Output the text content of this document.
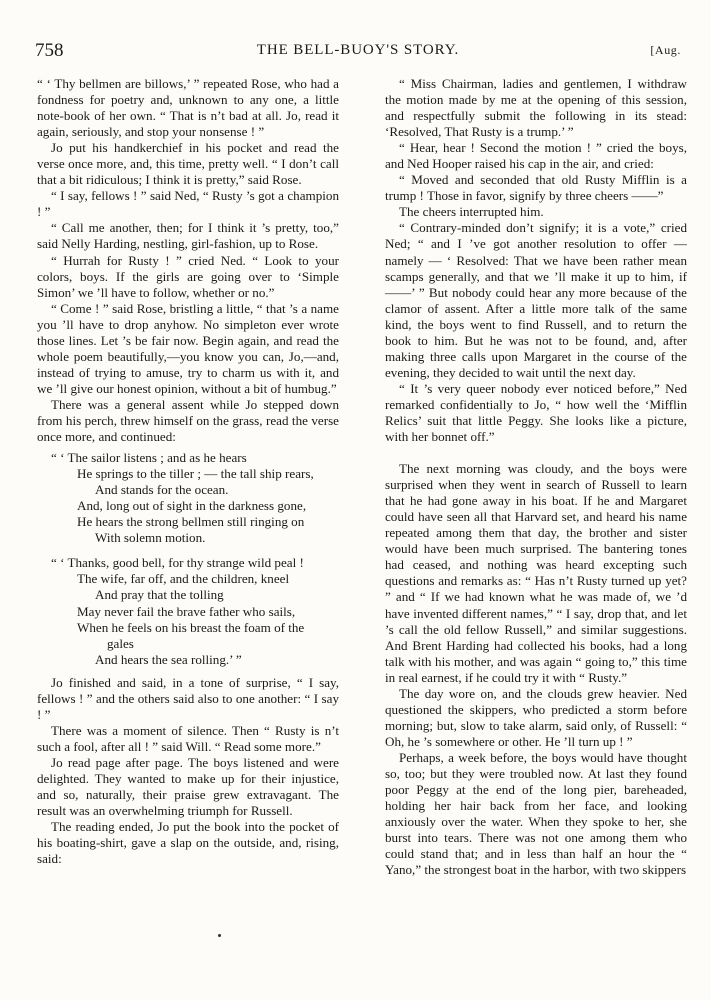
758	THE BELL-BUOY'S STORY.	[Aug.

“ ‘ Thy bellmen are billows,’ ” repeated Rose, who had a fondness for poetry and, unknown to any one, a little note-book of her own. “ That is n’t bad at all. Jo, read it again, seriously, and stop your nonsense ! ”

Jo put his handkerchief in his pocket and read the verse once more, and, this time, pretty well. “ I don’t call that a bit ridiculous; I think it is pretty,” said Rose.

“ I say, fellows ! ” said Ned, “ Rusty ’s got a champion ! ”

“ Call me another, then; for I think it ’s pretty, too,” said Nelly Harding, nestling, girl-fashion, up to Rose.

“ Hurrah for Rusty ! ” cried Ned. “ Look to your colors, boys. If the girls are going over to ‘Simple Simon’ we ’ll have to follow, whether or no.”

“ Come ! ” said Rose, bristling a little, “ that ’s a name you ’ll have to drop anyhow. No simpleton ever wrote those lines. Let ’s be fair now. Begin again, and read the whole poem beautifully,—you know you can, Jo,—and, instead of trying to amuse, try to charm us with it, and we ’ll give our honest opinion, without a bit of humbug.”

There was a general assent while Jo stepped down from his perch, threw himself on the grass, read the verse once more, and continued:

“ ‘ The sailor listens ; and as he hears
He springs to the tiller ; — the tall ship rears,
And stands for the ocean.
And, long out of sight in the darkness gone,
He hears the strong bellmen still ringing on
With solemn motion.
“ ‘ Thanks, good bell, for thy strange wild peal !
The wife, far off, and the children, kneel
And pray that the tolling
May never fail the brave father who sails,
When he feels on his breast the foam of the
gales
And hears the sea rolling.’ ”

Jo finished and said, in a tone of surprise, “ I say, fellows ! ” and the others said also to one another: “ I say ! ”

There was a moment of silence. Then “ Rusty is n’t such a fool, after all ! ” said Will. “ Read some more.”

Jo read page after page. The boys listened and were delighted. They wanted to make up for their injustice, and so, naturally, their praise grew extravagant. The result was an overwhelming triumph for Russell.

The reading ended, Jo put the book into the pocket of his boating-shirt, gave a slap on the outside, and, rising, said:

“ Miss Chairman, ladies and gentlemen, I withdraw the motion made by me at the opening of this session, and respectfully submit the following in its stead: ‘Resolved, That Rusty is a trump.’ ”

“ Hear, hear ! Second the motion ! ” cried the boys, and Ned Hooper raised his cap in the air, and cried:

“ Moved and seconded that old Rusty Mifflin is a trump ! Those in favor, signify by three cheers ——”

The cheers interrupted him.

“ Contrary-minded don’t signify; it is a vote,” cried Ned; “ and I ’ve got another resolution to offer — namely — ‘ Resolved: That we have been rather mean scamps generally, and that we ’ll make it up to him, if ——’ ” But nobody could hear any more because of the clamor of assent. After a little more talk of the same kind, the boys went to find Russell, and to return the book to him. But he was not to be found, and, after making three calls upon Margaret in the course of the evening, they decided to wait until the next day.

“ It ’s very queer nobody ever noticed before,” Ned remarked confidentially to Jo, “ how well the ‘Mifflin Relics’ suit that little Peggy. She looks like a picture, with her bonnet off.”

The next morning was cloudy, and the boys were surprised when they went in search of Russell to learn that he had gone away in his boat. If he and Margaret could have seen all that Harvard set, and heard his name repeated among them that day, the brother and sister would have been much surprised. The bantering tones had ceased, and nothing was heard excepting such questions and remarks as: “ Has n’t Rusty turned up yet? ” and “ If we had known what he was made of, we ’d have invented different names,” “ I say, drop that, and let ’s call the old fellow Russell,” and similar suggestions. And Brent Harding had collected his books, had a long talk with his mother, and was again “ going to,” this time in real earnest, if he could try it with “ Rusty.”

The day wore on, and the clouds grew heavier. Ned questioned the skippers, who predicted a storm before morning; but, slow to take alarm, said only, of Russell: “ Oh, he ’s somewhere or other. He ’ll turn up ! ”

Perhaps, a week before, the boys would have thought so, too; but they were troubled now. At last they found poor Peggy at the end of the long pier, bareheaded, holding her hair back from her face, and looking anxiously over the water. When they spoke to her, she burst into tears. There was not one among them who could stand that; and in less than half an hour the “ Yano,” the strongest boat in the harbor, with two skippers
